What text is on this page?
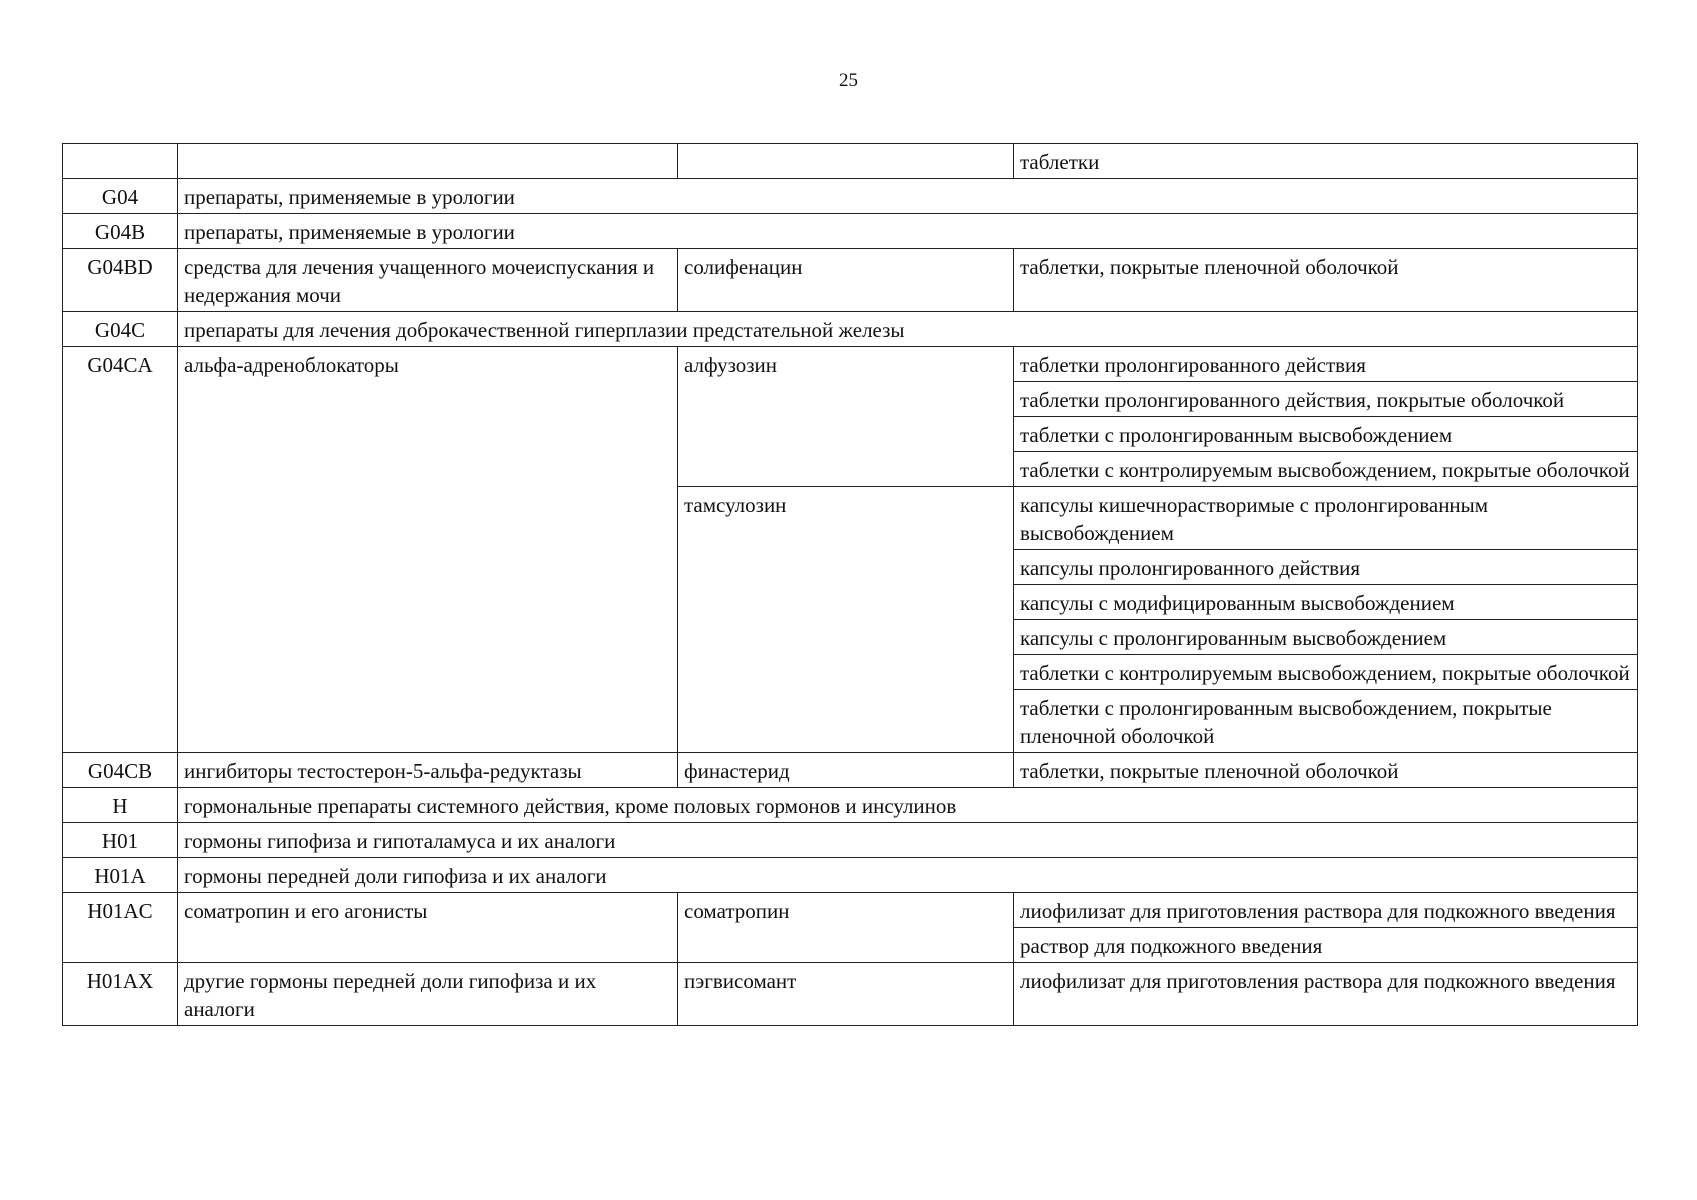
25
			таблетки
G04	препараты, применяемые в урологии		
G04B	препараты, применяемые в урологии		
G04BD	средства для лечения учащенного мочеиспускания и недержания мочи	солифенацин	таблетки, покрытые пленочной оболочкой
G04C	препараты для лечения доброкачественной гиперплазии предстательной железы		
G04CA	альфа-адреноблокаторы	алфузозин	таблетки пролонгированного действия
			таблетки пролонгированного действия, покрытые оболочкой
			таблетки с пролонгированным высвобождением
			таблетки с контролируемым высвобождением, покрытые оболочкой
		тамсулозин	капсулы кишечнорастворимые с пролонгированным высвобождением
			капсулы пролонгированного действия
			капсулы с модифицированным высвобождением
			капсулы с пролонгированным высвобождением
			таблетки с контролируемым высвобождением, покрытые оболочкой
			таблетки с пролонгированным высвобождением, покрытые пленочной оболочкой
G04CB	ингибиторы тестостерон-5-альфа-редуктазы	финастерид	таблетки, покрытые пленочной оболочкой
H	гормональные препараты системного действия, кроме половых гормонов и инсулинов		
H01	гормоны гипофиза и гипоталамуса и их аналоги		
H01A	гормоны передней доли гипофиза и их аналоги		
H01AC	соматропин и его агонисты	соматропин	лиофилизат для приготовления раствора для подкожного введения
			раствор для подкожного введения
H01AX	другие гормоны передней доли гипофиза и их аналоги	пэгвисомант	лиофилизат для приготовления раствора для подкожного введения
